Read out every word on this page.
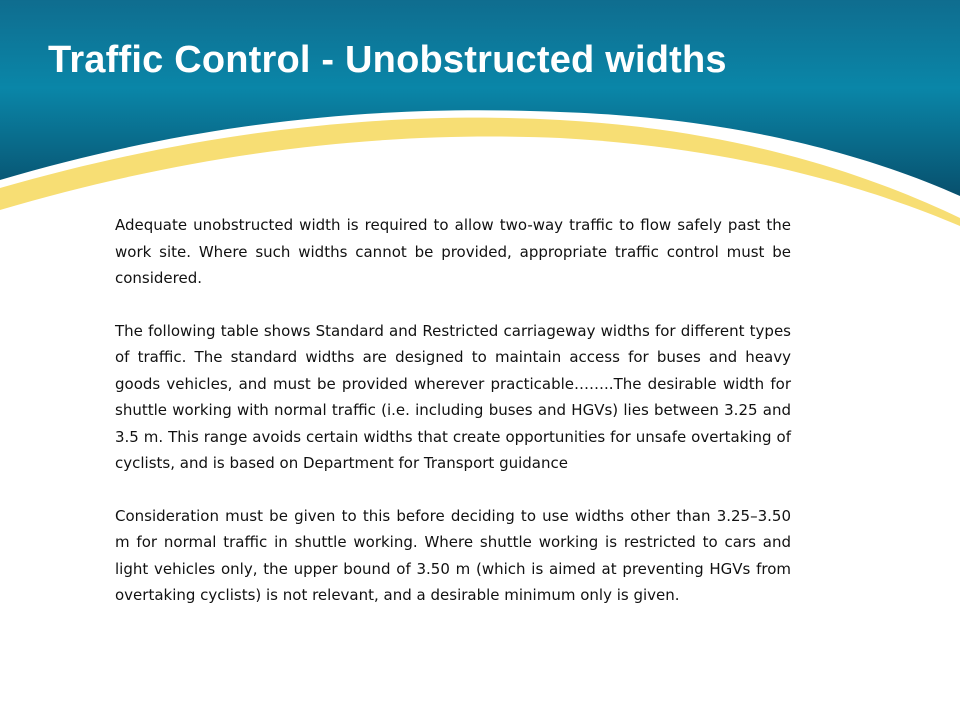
Traffic Control - Unobstructed widths

Adequate unobstructed width is required to allow two-way traffic to flow safely past the work site. Where such widths cannot be provided, appropriate traffic control must be considered.

The following table shows Standard and Restricted carriageway widths for different types of traffic. The standard widths are designed to maintain access for buses and heavy goods vehicles, and must be provided wherever practicable……..The desirable width for shuttle working with normal traffic (i.e. including buses and HGVs) lies between 3.25 and 3.5 m. This range avoids certain widths that create opportunities for unsafe overtaking of cyclists, and is based on Department for Transport guidance

Consideration must be given to this before deciding to use widths other than 3.25–3.50 m for normal traffic in shuttle working. Where shuttle working is restricted to cars and light vehicles only, the upper bound of 3.50 m (which is aimed at preventing HGVs from overtaking cyclists) is not relevant, and a desirable minimum only is given.
